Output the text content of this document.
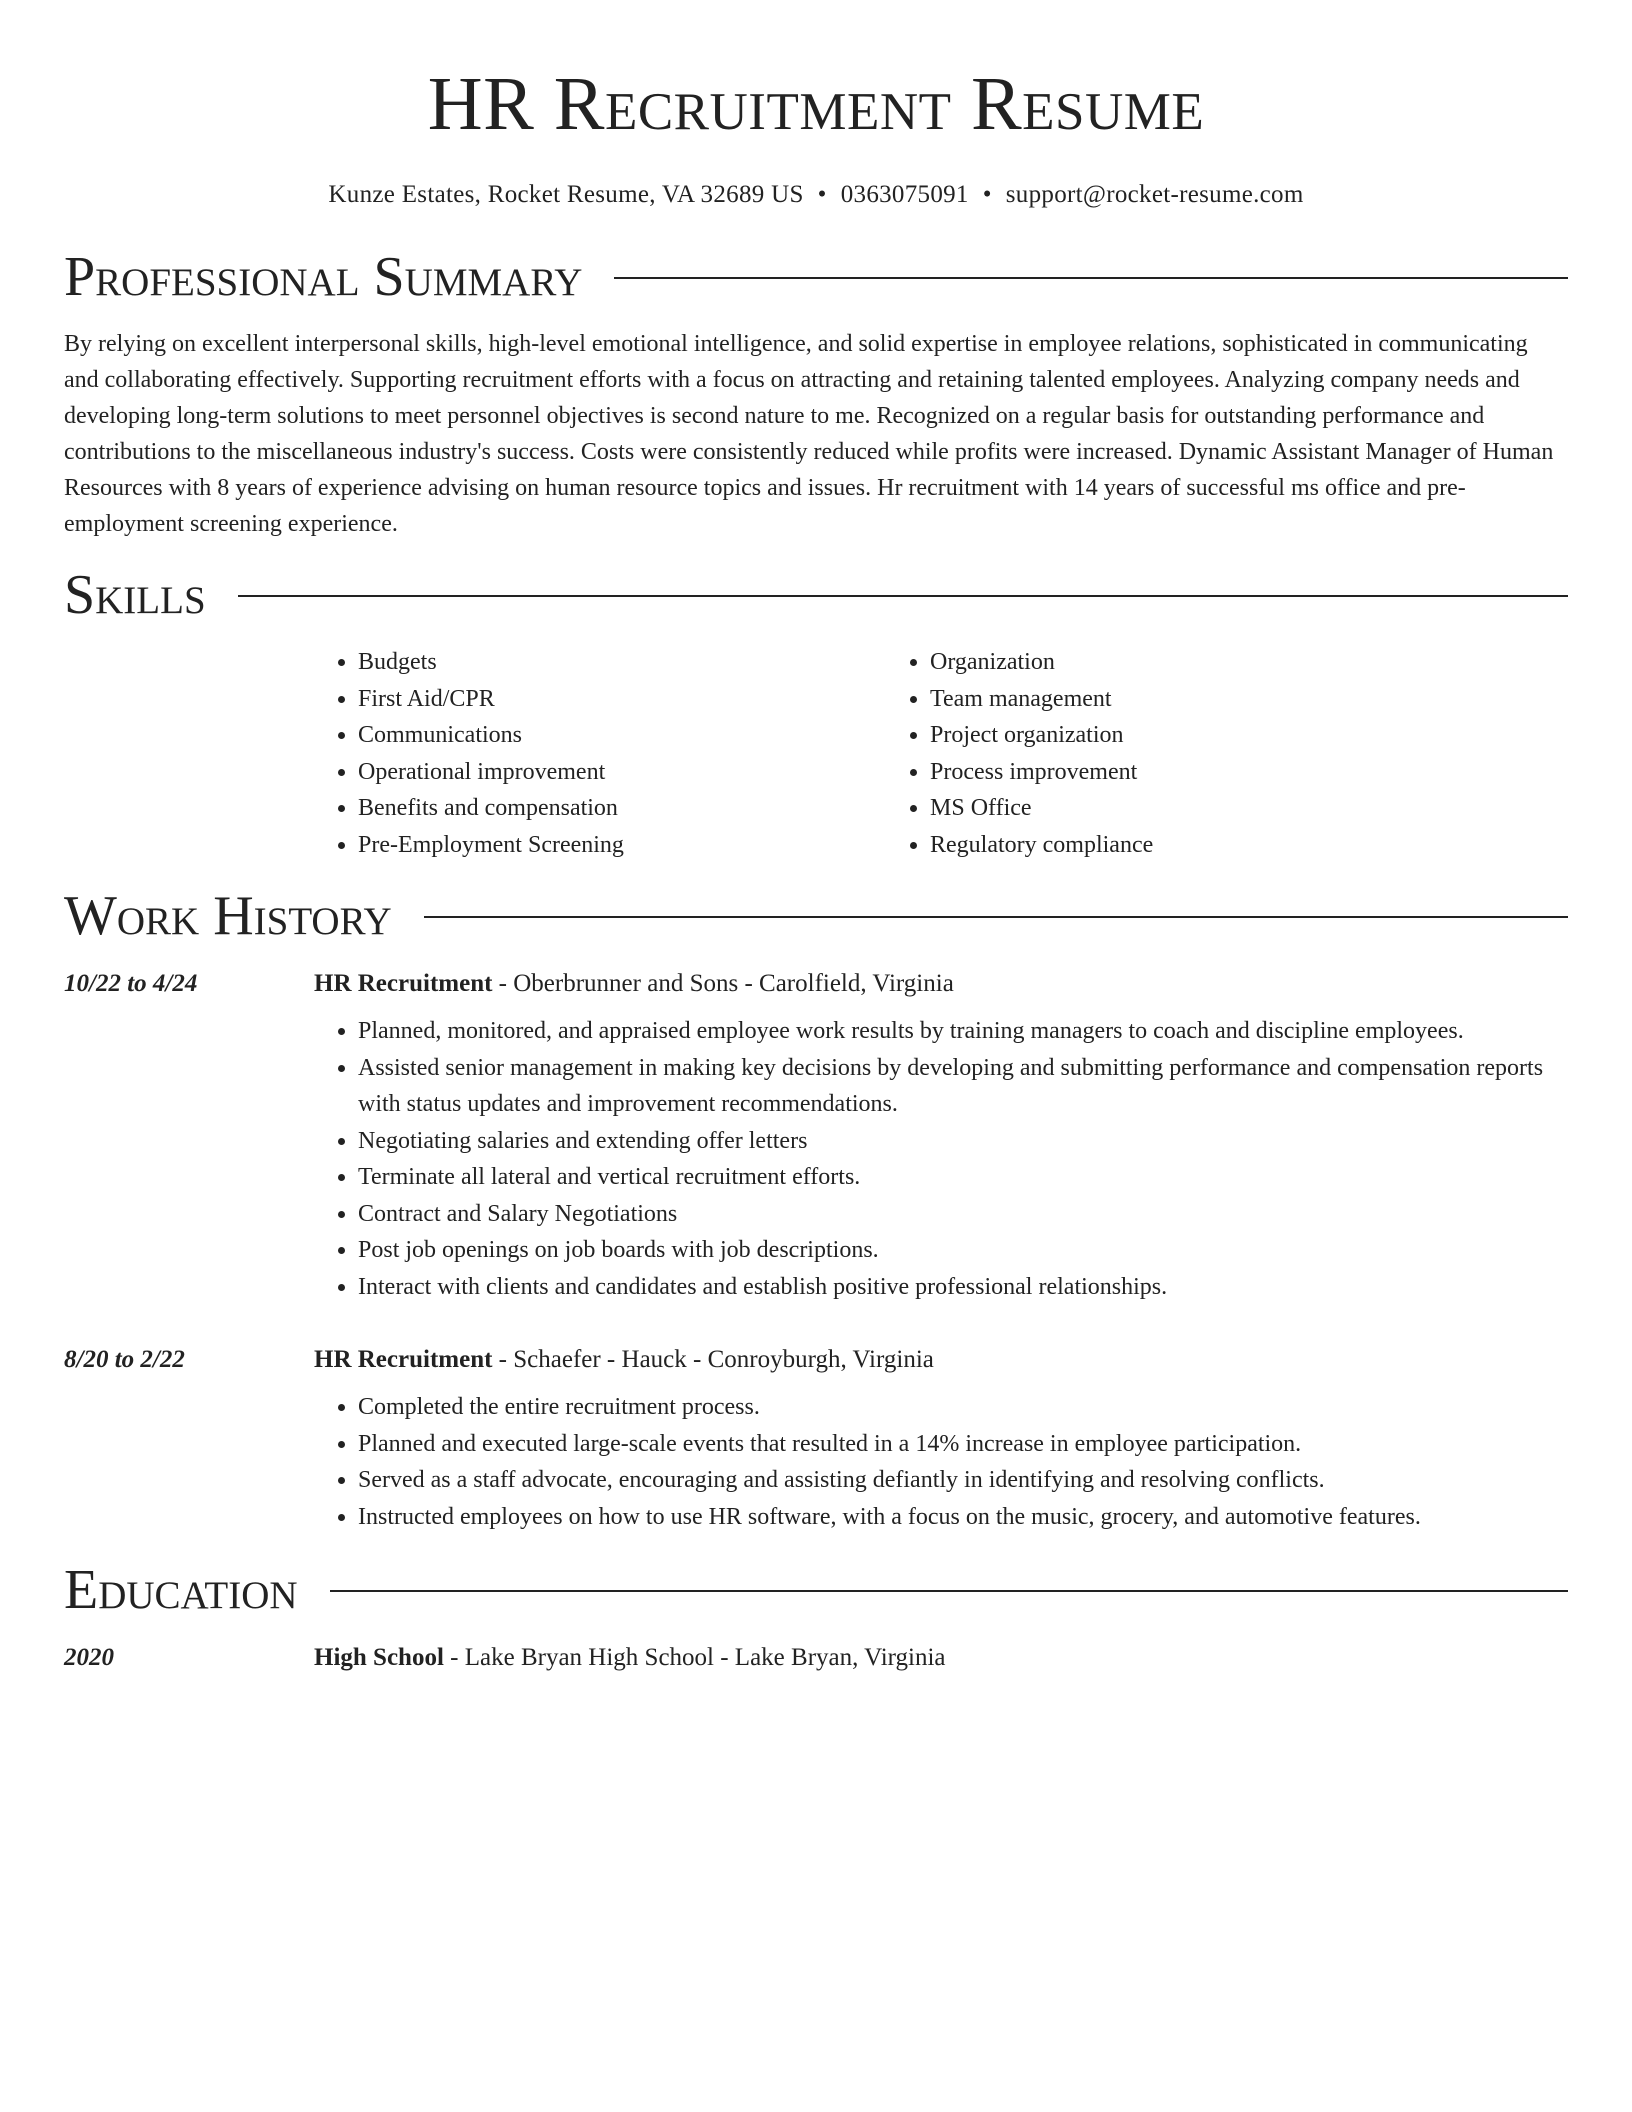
HR Recruitment Resume
Kunze Estates, Rocket Resume, VA 32689 US • 0363075091 • support@rocket-resume.com
Professional Summary

By relying on excellent interpersonal skills, high-level emotional intelligence, and solid expertise in employee relations, sophisticated in communicating and collaborating effectively. Supporting recruitment efforts with a focus on attracting and retaining talented employees. Analyzing company needs and developing long-term solutions to meet personnel objectives is second nature to me. Recognized on a regular basis for outstanding performance and contributions to the miscellaneous industry's success. Costs were consistently reduced while profits were increased. Dynamic Assistant Manager of Human Resources with 8 years of experience advising on human resource topics and issues. Hr recruitment with 14 years of successful ms office and pre-employment screening experience.

Skills
• Budgets
• First Aid/CPR
• Communications
• Operational improvement
• Benefits and compensation
• Pre-Employment Screening
• Organization
• Team management
• Project organization
• Process improvement
• MS Office
• Regulatory compliance
Work History
10/22 to 4/24	HR Recruitment - Oberbrunner and Sons - Carolfield, Virginia
• Planned, monitored, and appraised employee work results by training managers to coach and discipline employees.
• Assisted senior management in making key decisions by developing and submitting performance and compensation reports with status updates and improvement recommendations.
• Negotiating salaries and extending offer letters
• Terminate all lateral and vertical recruitment efforts.
• Contract and Salary Negotiations
• Post job openings on job boards with job descriptions.
• Interact with clients and candidates and establish positive professional relationships.
8/20 to 2/22	HR Recruitment - Schaefer - Hauck - Conroyburgh, Virginia
• Completed the entire recruitment process.
• Planned and executed large-scale events that resulted in a 14% increase in employee participation.
• Served as a staff advocate, encouraging and assisting defiantly in identifying and resolving conflicts.
• Instructed employees on how to use HR software, with a focus on the music, grocery, and automotive features.
Education
2020	High School - Lake Bryan High School - Lake Bryan, Virginia
